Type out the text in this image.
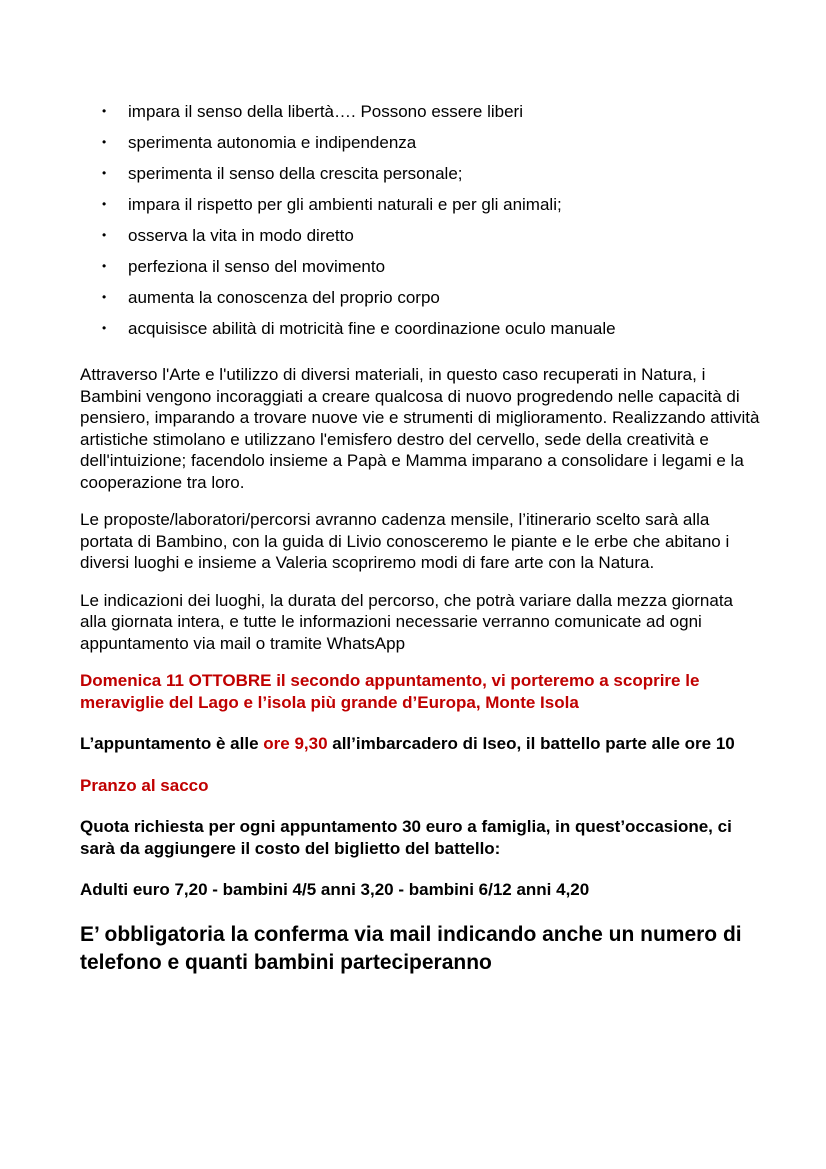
• impara il senso della libertà…. Possono essere liberi
• sperimenta autonomia e indipendenza
• sperimenta il senso della crescita personale;
• impara il rispetto per gli ambienti naturali e per gli animali;
• osserva la vita in modo diretto
• perfeziona il senso del movimento
• aumenta la conoscenza del proprio corpo
• acquisisce abilità di motricità fine e coordinazione oculo manuale

Attraverso l'Arte e l'utilizzo di diversi materiali, in questo caso recuperati in Natura, i Bambini vengono incoraggiati a creare qualcosa di nuovo progredendo nelle capacità di pensiero, imparando a trovare nuove vie e strumenti di miglioramento. Realizzando attività artistiche stimolano e utilizzano l'emisfero destro del cervello, sede della creatività e dell'intuizione; facendolo insieme a Papà e Mamma imparano a consolidare i legami e la cooperazione tra loro.

Le proposte/laboratori/percorsi avranno cadenza mensile, l’itinerario scelto sarà alla portata di Bambino, con la guida di Livio conosceremo le piante e le erbe che abitano i diversi luoghi e insieme a Valeria scopriremo modi di fare arte con la Natura.

Le indicazioni dei luoghi, la durata del percorso, che potrà variare dalla mezza giornata alla giornata intera, e tutte le informazioni necessarie verranno comunicate ad ogni appuntamento via mail o tramite WhatsApp

Domenica 11 OTTOBRE il secondo appuntamento, vi porteremo a scoprire le meraviglie del Lago e l’isola più grande d’Europa, Monte Isola

L’appuntamento è alle ore 9,30 all’imbarcadero di Iseo, il battello parte alle ore 10

Pranzo al sacco

Quota richiesta per ogni appuntamento 30 euro a famiglia, in quest’occasione, ci sarà da aggiungere il costo del biglietto del battello:

Adulti euro 7,20 - bambini 4/5 anni 3,20 - bambini 6/12 anni 4,20

E’ obbligatoria la conferma via mail indicando anche un numero di telefono e quanti bambini parteciperanno
